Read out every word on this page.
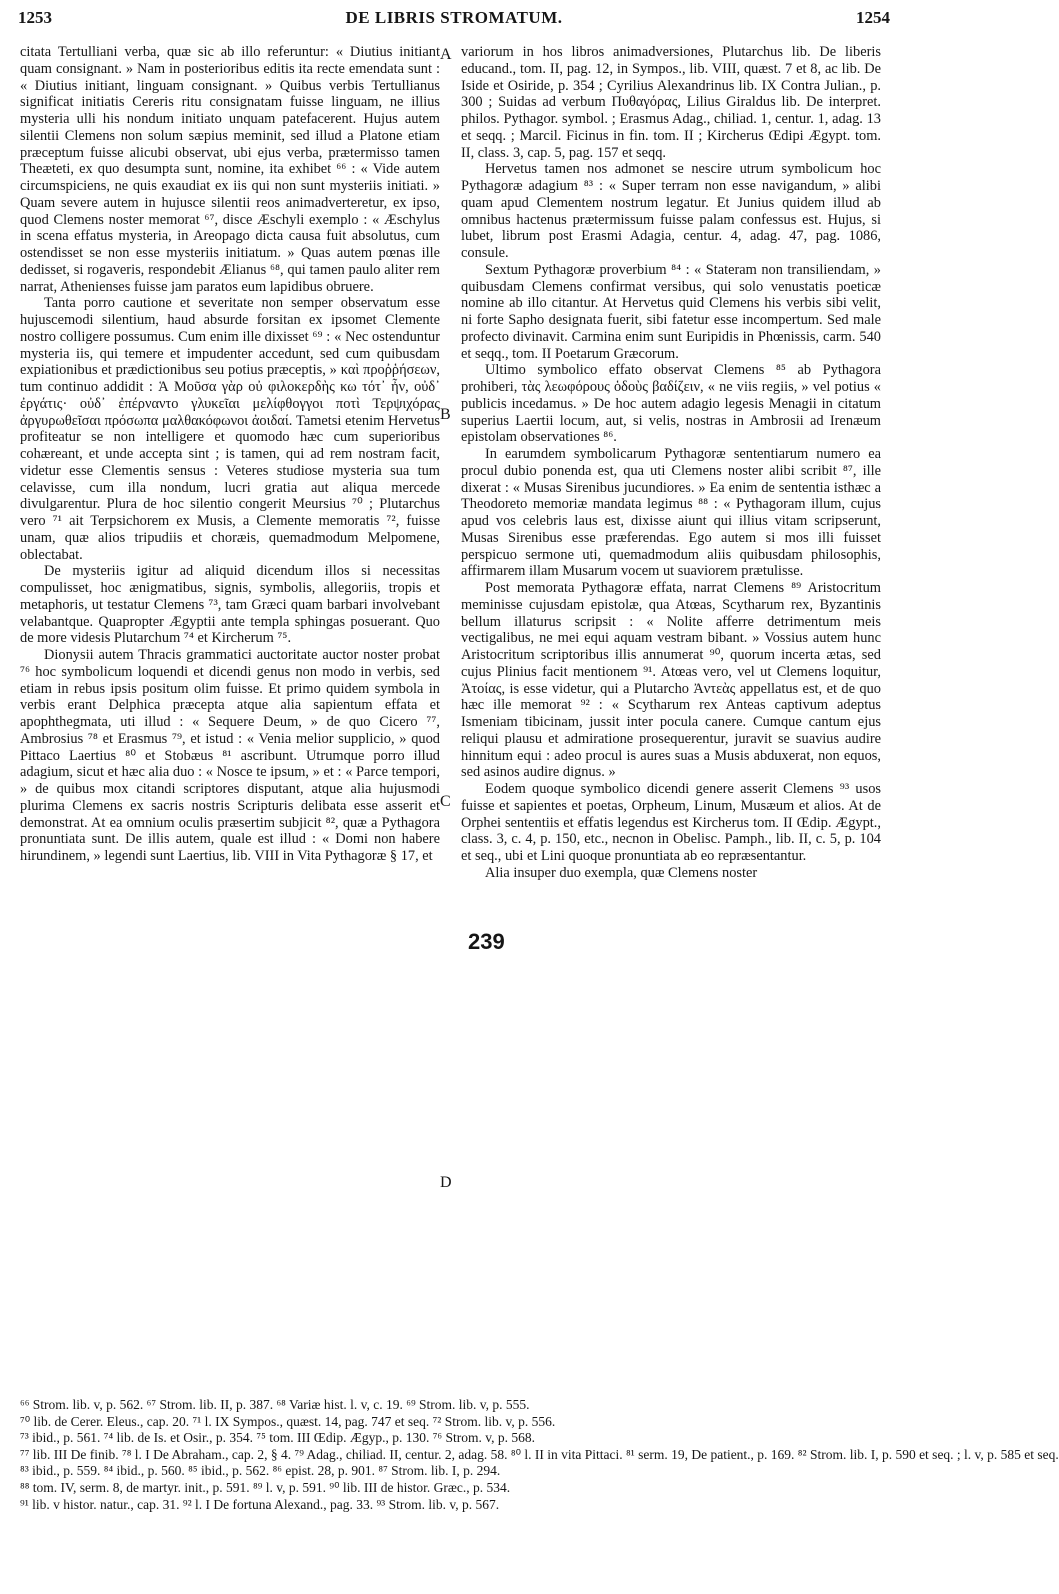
1253	DE LIBRIS STROMATUM.	1254

citata Tertulliani verba, quæ sic ab illo referuntur: « Diutius initiant quam consignant. » Nam in posterioribus editis ita recte emendata sunt : « Diutius initiant, linguam consignant. » Quibus verbis Tertullianus significat initiatis Cereris ritu consignatam fuisse linguam, ne illius mysteria ulli his nondum initiato unquam patefacerent. Hujus autem silentii Clemens non solum sæpius meminit, sed illud a Platone etiam præceptum fuisse alicubi observat, ubi ejus verba, prætermisso tamen Theæteti, ex quo desumpta sunt, nomine, ita exhibet ⁶⁶ : « Vide autem circumspiciens, ne quis exaudiat ex iis qui non sunt mysteriis initiati. » Quam severe autem in hujusce silentii reos animadverteretur, ex ipso, quod Clemens noster memorat ⁶⁷, disce Æschyli exemplo : « Æschylus in scena effatus mysteria, in Areopago dicta causa fuit absolutus, cum ostendisset se non esse mysteriis initiatum. » Quas autem pœnas ille dedisset, si rogaveris, respondebit Ælianus ⁶⁸, qui tamen paulo aliter rem narrat, Athenienses fuisse jam paratos eum lapidibus obruere.

Tanta porro cautione et severitate non semper observatum esse hujuscemodi silentium, haud absurde forsitan ex ipsomet Clemente nostro colligere possumus. Cum enim ille dixisset ⁶⁹ : « Nec ostenduntur mysteria iis, qui temere et impudenter accedunt, sed cum quibusdam expiationibus et prædictionibus seu potius præceptis, » καὶ προῤῥήσεων, tum continuo addidit : Ἁ Μοῦσα γὰρ οὐ φιλοκερδὴς κω τότ᾽ ἦν, οὐδ᾽ ἐργάτις· οὐδ᾽ ἐπέρναντο γλυκεῖαι μελίφθογγοι ποτὶ Τερψιχόρας ἀργυρωθεῖσαι πρόσωπα μαλθακόφωνοι ἀοιδαί. Tametsi etenim Hervetus profiteatur se non intelligere et quomodo hæc cum superioribus cohæreant, et unde accepta sint ; is tamen, qui ad rem nostram facit, videtur esse Clementis sensus : Veteres studiose mysteria sua tum celavisse, cum illa nondum, lucri gratia aut aliqua mercede divulgarentur. Plura de hoc silentio congerit Meursius ⁷⁰ ; Plutarchus vero ⁷¹ ait Terpsichorem ex Musis, a Clemente memoratis ⁷², fuisse unam, quæ alios tripudiis et choræis, quemadmodum Melpomene, oblectabat.

De mysteriis igitur ad aliquid dicendum illos si necessitas compulisset, hoc ænigmatibus, signis, symbolis, allegoriis, tropis et metaphoris, ut testatur Clemens ⁷³, tam Græci quam barbari involvebant velabantque. Quapropter Ægyptii ante templa sphingas posuerant. Quo de more videsis Plutarchum ⁷⁴ et Kircherum ⁷⁵.

Dionysii autem Thracis grammatici auctoritate auctor noster probat ⁷⁶ hoc symbolicum loquendi et dicendi genus non modo in verbis, sed etiam in rebus ipsis positum olim fuisse. Et primo quidem symbola in verbis erant Delphica præcepta atque alia sapientum effata et apophthegmata, uti illud : « Sequere Deum, » de quo Cicero ⁷⁷, Ambrosius ⁷⁸ et Erasmus ⁷⁹, et istud : « Venia melior supplicio, » quod Pittaco Laertius ⁸⁰ et Stobæus ⁸¹ ascribunt. Utrumque porro illud adagium, sicut et hæc alia duo : « Nosce te ipsum, » et : « Parce tempori, » de quibus mox citandi scriptores disputant, atque alia hujusmodi plurima Clemens ex sacris nostris Scripturis delibata esse asserit et demonstrat. At ea omnium oculis præsertim subjicit ⁸², quæ a Pythagora pronuntiata sunt. De illis autem, quale est illud : « Domi non habere hirundinem, » legendi sunt Laertius, lib. VIII in Vita Pythagoræ § 17, et

A
B
C
D
239

variorum in hos libros animadversiones, Plutarchus lib. De liberis educand., tom. II, pag. 12, in Sympos., lib. VIII, quæst. 7 et 8, ac lib. De Iside et Osiride, p. 354 ; Cyrilius Alexandrinus lib. IX Contra Julian., p. 300 ; Suidas ad verbum Πυθαγόρας, Lilius Giraldus lib. De interpret. philos. Pythagor. symbol. ; Erasmus Adag., chiliad. 1, centur. 1, adag. 13 et seqq. ; Marcil. Ficinus in fin. tom. II ; Kircherus Œdipi Ægypt. tom. II, class. 3, cap. 5, pag. 157 et seqq.

Hervetus tamen nos admonet se nescire utrum symbolicum hoc Pythagoræ adagium ⁸³ : « Super terram non esse navigandum, » alibi quam apud Clementem nostrum legatur. Et Junius quidem illud ab omnibus hactenus prætermissum fuisse palam confessus est. Hujus, si lubet, librum post Erasmi Adagia, centur. 4, adag. 47, pag. 1086, consule.

Sextum Pythagoræ proverbium ⁸⁴ : « Stateram non transiliendam, » quibusdam Clemens confirmat versibus, qui solo venustatis poeticæ nomine ab illo citantur. At Hervetus quid Clemens his verbis sibi velit, ni forte Sapho designata fuerit, sibi fatetur esse incompertum. Sed male profecto divinavit. Carmina enim sunt Euripidis in Phœnissis, carm. 540 et seqq., tom. II Poetarum Græcorum.

Ultimo symbolico effato observat Clemens ⁸⁵ ab Pythagora prohiberi, τὰς λεωφόρους ὁδοὺς βαδίζειν, « ne viis regiis, » vel potius « publicis incedamus. » De hoc autem adagio legesis Menagii in citatum superius Laertii locum, aut, si velis, nostras in Ambrosii ad Irenæum epistolam observationes ⁸⁶.

In earumdem symbolicarum Pythagoræ sententiarum numero ea procul dubio ponenda est, qua uti Clemens noster alibi scribit ⁸⁷, ille dixerat : « Musas Sirenibus jucundiores. » Ea enim de sententia isthæc a Theodoreto memoriæ mandata legimus ⁸⁸ : « Pythagoram illum, cujus apud vos celebris laus est, dixisse aiunt qui illius vitam scripserunt, Musas Sirenibus esse præferendas. Ego autem si mos illi fuisset perspicuo sermone uti, quemadmodum aliis quibusdam philosophis, affirmarem illam Musarum vocem ut suaviorem prætulisse.

Post memorata Pythagoræ effata, narrat Clemens ⁸⁹ Aristocritum meminisse cujusdam epistolæ, qua Atœas, Scytharum rex, Byzantinis bellum illaturus scripsit : « Nolite afferre detrimentum meis vectigalibus, ne mei equi aquam vestram bibant. » Vossius autem hunc Aristocritum scriptoribus illis annumerat ⁹⁰, quorum incerta ætas, sed cujus Plinius facit mentionem ⁹¹. Atœas vero, vel ut Clemens loquitur, Ἀτοίας, is esse videtur, qui a Plutarcho Ἀντεὰς appellatus est, et de quo hæc ille memorat ⁹² : « Scytharum rex Anteas captivum adeptus Ismeniam tibicinam, jussit inter pocula canere. Cumque cantum ejus reliqui plausu et admiratione prosequerentur, juravit se suavius audire hinnitum equi : adeo procul is aures suas a Musis abduxerat, non equos, sed asinos audire dignus. »

Eodem quoque symbolico dicendi genere asserit Clemens ⁹³ usos fuisse et sapientes et poetas, Orpheum, Linum, Musæum et alios. At de Orphei sententiis et effatis legendus est Kircherus tom. II Œdip. Ægypt., class. 3, c. 4, p. 150, etc., necnon in Obelisc. Pamph., lib. II, c. 5, p. 104 et seq., ubi et Lini quoque pronuntiata ab eo repræsentantur.

Alia insuper duo exempla, quæ Clemens noster

⁶⁶ Strom. lib. v, p. 562. ⁶⁷ Strom. lib. II, p. 387. ⁶⁸ Variæ hist. l. v, c. 19. ⁶⁹ Strom. lib. v, p. 555.
⁷⁰ lib. de Cerer. Eleus., cap. 20. ⁷¹ l. IX Sympos., quæst. 14, pag. 747 et seq. ⁷² Strom. lib. v, p. 556.
⁷³ ibid., p. 561. ⁷⁴ lib. de Is. et Osir., p. 354. ⁷⁵ tom. III Œdip. Ægyp., p. 130. ⁷⁶ Strom. v, p. 568.
⁷⁷ lib. III De finib. ⁷⁸ l. I De Abraham., cap. 2, § 4. ⁷⁹ Adag., chiliad. II, centur. 2, adag. 58. ⁸⁰ l. II in vita Pittaci. ⁸¹ serm. 19, De patient., p. 169. ⁸² Strom. lib. I, p. 590 et seq. ; l. v, p. 585 et seq.
⁸³ ibid., p. 559. ⁸⁴ ibid., p. 560. ⁸⁵ ibid., p. 562. ⁸⁶ epist. 28, p. 901. ⁸⁷ Strom. lib. I, p. 294.
⁸⁸ tom. IV, serm. 8, de martyr. init., p. 591. ⁸⁹ l. v, p. 591. ⁹⁰ lib. III de histor. Græc., p. 534.
⁹¹ lib. v histor. natur., cap. 31. ⁹² l. I De fortuna Alexand., pag. 33. ⁹³ Strom. lib. v, p. 567.
